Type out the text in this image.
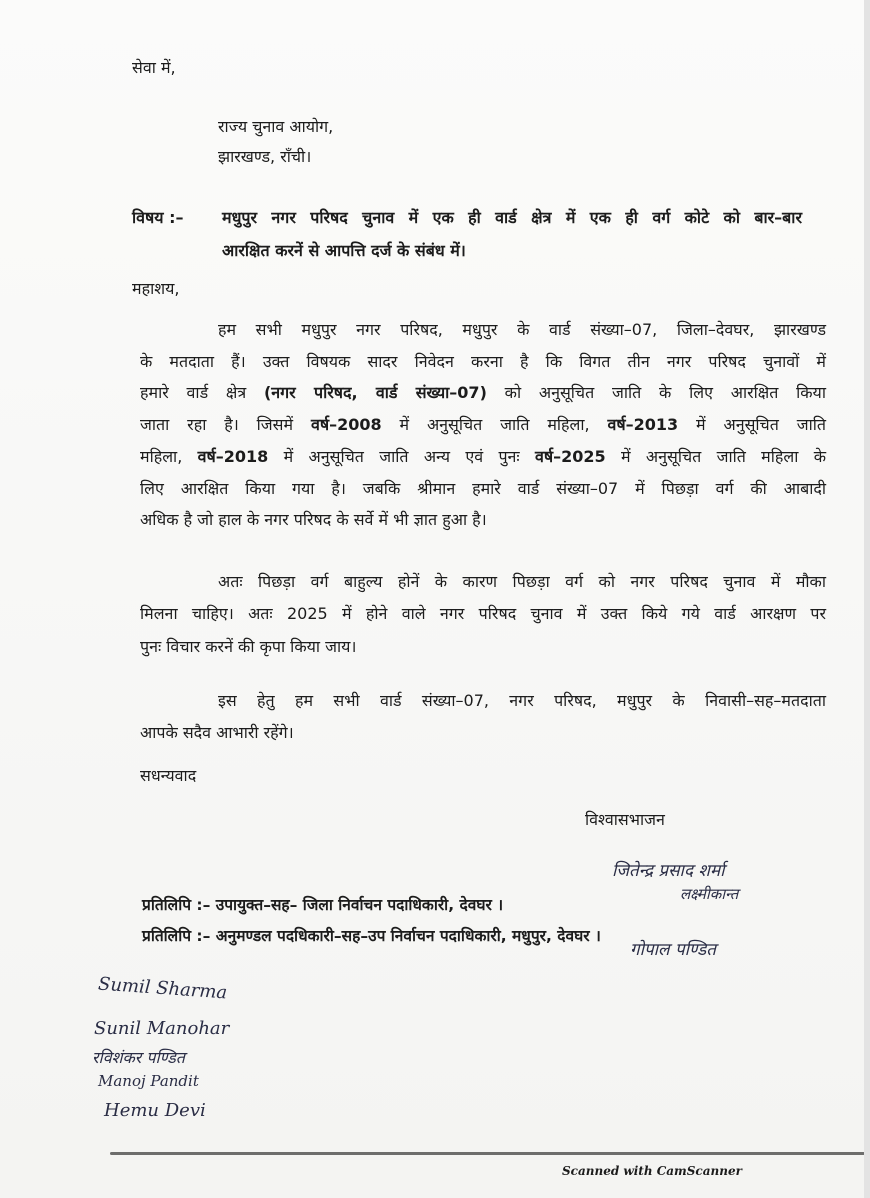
सेवा में,
राज्य चुनाव आयोग,
झारखण्ड, राँची।
विषय :– मधुपुर नगर परिषद चुनाव में एक ही वार्ड क्षेत्र में एक ही वर्ग कोटे को बार–बार
आरक्षित करनें से आपत्ति दर्ज के संबंध में।
महाशय,
हम सभी मधुपुर नगर परिषद, मधुपुर के वार्ड संख्या–07, जिला–देवघर, झारखण्ड
के मतदाता हैं। उक्त विषयक सादर निवेदन करना है कि विगत तीन नगर परिषद चुनावों में
हमारे वार्ड क्षेत्र (नगर परिषद, वार्ड संख्या–07) को अनुसूचित जाति के लिए आरक्षित किया
जाता रहा है। जिसमें वर्ष–2008 में अनुसूचित जाति महिला, वर्ष–2013 में अनुसूचित जाति
महिला, वर्ष–2018 में अनुसूचित जाति अन्य एवं पुनः वर्ष–2025 में अनुसूचित जाति महिला के
लिए आरक्षित किया गया है। जबकि श्रीमान हमारे वार्ड संख्या–07 में पिछड़ा वर्ग की आबादी
अधिक है जो हाल के नगर परिषद के सर्वे में भी ज्ञात हुआ है।
अतः पिछड़ा वर्ग बाहुल्य होनें के कारण पिछड़ा वर्ग को नगर परिषद चुनाव में मौका
मिलना चाहिए। अतः 2025 में होने वाले नगर परिषद चुनाव में उक्त किये गये वार्ड आरक्षण पर
पुनः विचार करनें की कृपा किया जाय।
इस हेतु हम सभी वार्ड संख्या–07, नगर परिषद, मधुपुर के निवासी–सह–मतदाता
आपके सदैव आभारी रहेंगे।
सधन्यवाद
विश्वासभाजन
प्रतिलिपि :– उपायुक्त–सह– जिला निर्वाचन पदाधिकारी, देवघर ।
प्रतिलिपि :– अनुमण्डल पदधिकारी–सह–उप निर्वाचन पदाधिकारी, मधुपुर, देवघर ।
जितेन्द्र प्रसाद शर्मा
लक्ष्मीकान्त
गोपाल पण्डित
Sumil Sharma
Sunil Manohar
रविशंकर पण्डित
Manoj Pandit
Hemu Devi
Scanned with CamScanner
